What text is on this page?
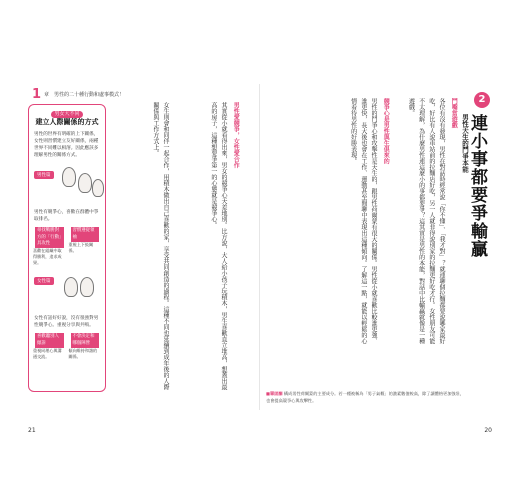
1 章　男性的二十種行動和處事模式！
男女大不同
建立人際關係的方式

男性的世界有明確的上下關係，女性則習慣建立友好關係，兩種世界不同難以相溶。因此應該多理解男性的關係方式。

男性篇

男性有競爭心，喜歡在群體中爭取排名。

尋找戰勝對方的「行動」具攻性 喜歡在組織中取得勝利，追求成果。
習慣遵從領袖 重視上下級關係。
女性篇

女性有話好好說，沒有很強對男性競爭心。重視分享與共鳴。

喜歡聽別人傾訴 重視同理心與溝通交流。
不會決定和哪個陣營 傾向維持和諧的關係。
男性愛競爭，女性愛合作
其實從小就看得出來，男女的競爭心天差地別。比方說，大人給小孩子玩積木，男生喜歡直立堆高，想蓋出最高的房子，這種想要爭第一的心態就是競爭心。
女生則會和同伴一起合作，用積木做出自己喜歡的家，享受共同創造的過程。這種不同也延續到成年後的人際關係與工作方式上。
21
2
連小事都要爭輸贏
男性天生的鬥爭本能
鬥嘴當遊戲
各位有沒有發現，男性在對話時經常說「你不懂」、「我才對」？就連聊個拉麵都要說哪家最好吃，好比有人說車站前的拉麵店好吃，另一人就非得說別家的拉麵更好吃才行。女性朋友可能不太理解，為什麼男性連這麼小的事都要爭？這其實是男性的本能，對話中比輸贏就像是一種遊戲。
競爭心是男性與生俱來的
男性的鬥爭心和攻擊性是天生的，跟男性荷爾蒙有很大的關係。男性從小就喜歡比較誰更強、誰更快，長大後也會在工作、運動甚至閒聊中表現出這種傾向。了解這一點，就能以輕鬆的心情看待男性的好勝表現。
■睪固酮 構成男性荷爾蒙的主要成分。若一種被稱為「男子氣概」的激素數值較高，除了讓體格更加強壯，也會提高競爭心與攻擊性。
20
